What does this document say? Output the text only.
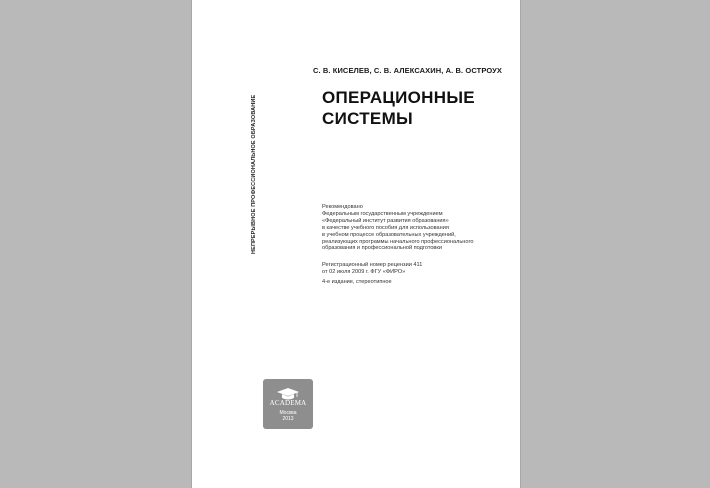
НЕПРЕРЫВНОЕ ПРОФЕССИОНАЛЬНОЕ ОБРАЗОВАНИЕ
С. В. КИСЕЛЕВ, С. В. АЛЕКСАХИН, А. В. ОСТРОУХ
ОПЕРАЦИОННЫЕ
СИСТЕМЫ
Рекомендовано
Федеральным государственным учреждением
«Федеральный институт развития образования»
в качестве учебного пособия для использования
в учебном процессе образовательных учреждений,
реализующих программы начального профессионального
образования и профессиональной подготовки
Регистрационный номер рецензии 411
от 02 июля 2009 г. ФГУ «ФИРО»
4-е издание, стереотипное
ACADEMA
Москва
2013
